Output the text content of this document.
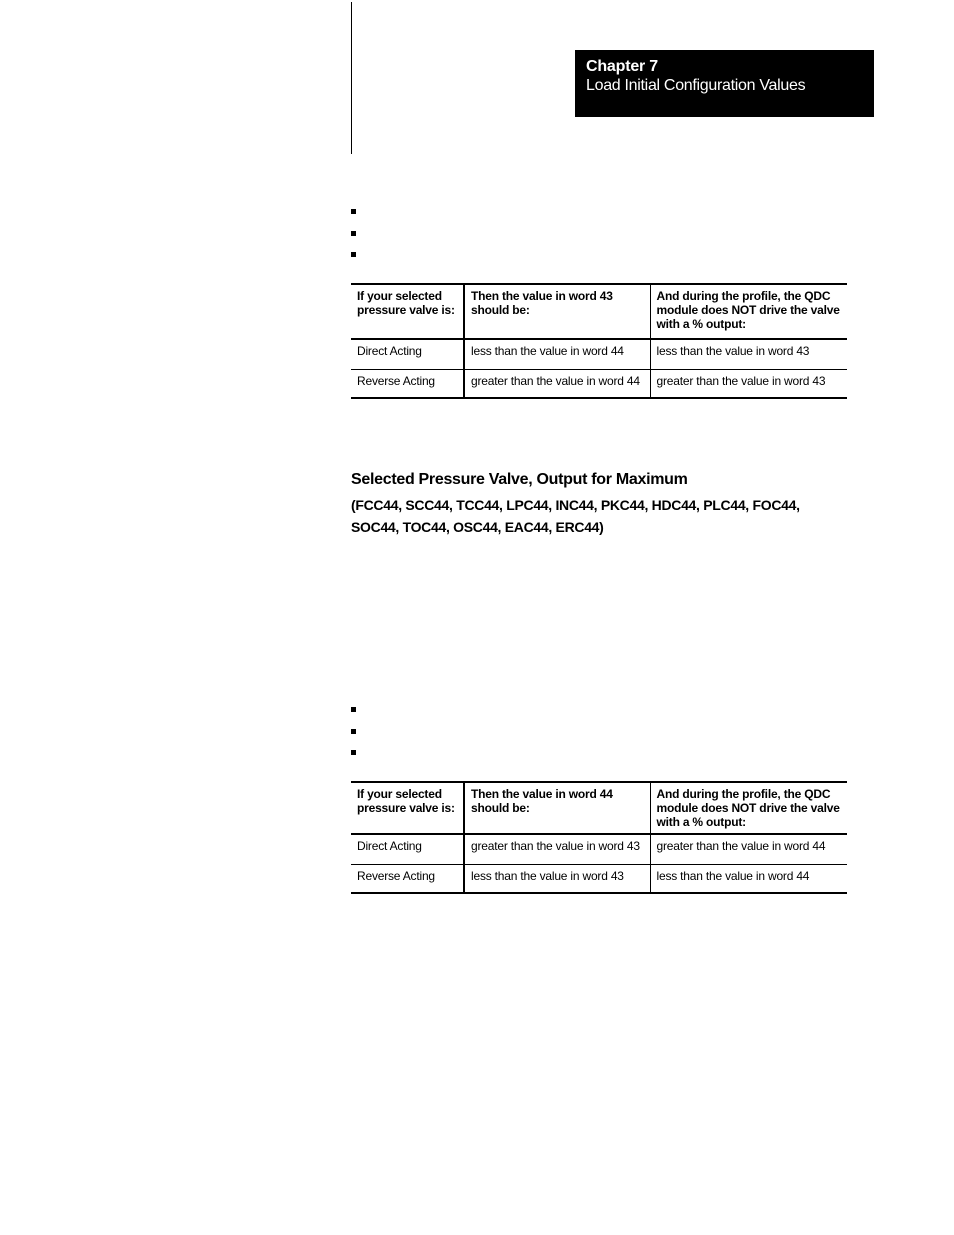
Chapter 7
Load Initial Configuration Values
If your selected pressure valve is:	Then the value in word 43 should be:	And during the profile, the QDC module does NOT drive the valve with a % output:
Direct Acting	less than the value in word 44	less than the value in word 43
Reverse Acting	greater than the value in word 44	greater than the value in word 43
Selected Pressure Valve, Output for Maximum
(FCC44, SCC44, TCC44, LPC44, INC44, PKC44, HDC44, PLC44, FOC44, SOC44, TOC44, OSC44, EAC44, ERC44)
If your selected pressure valve is:	Then the value in word 44 should be:	And during the profile, the QDC module does NOT drive the valve with a % output:
Direct Acting	greater than the value in word 43	greater than the value in word 44
Reverse Acting	less than the value in word 43	less than the value in word 44
